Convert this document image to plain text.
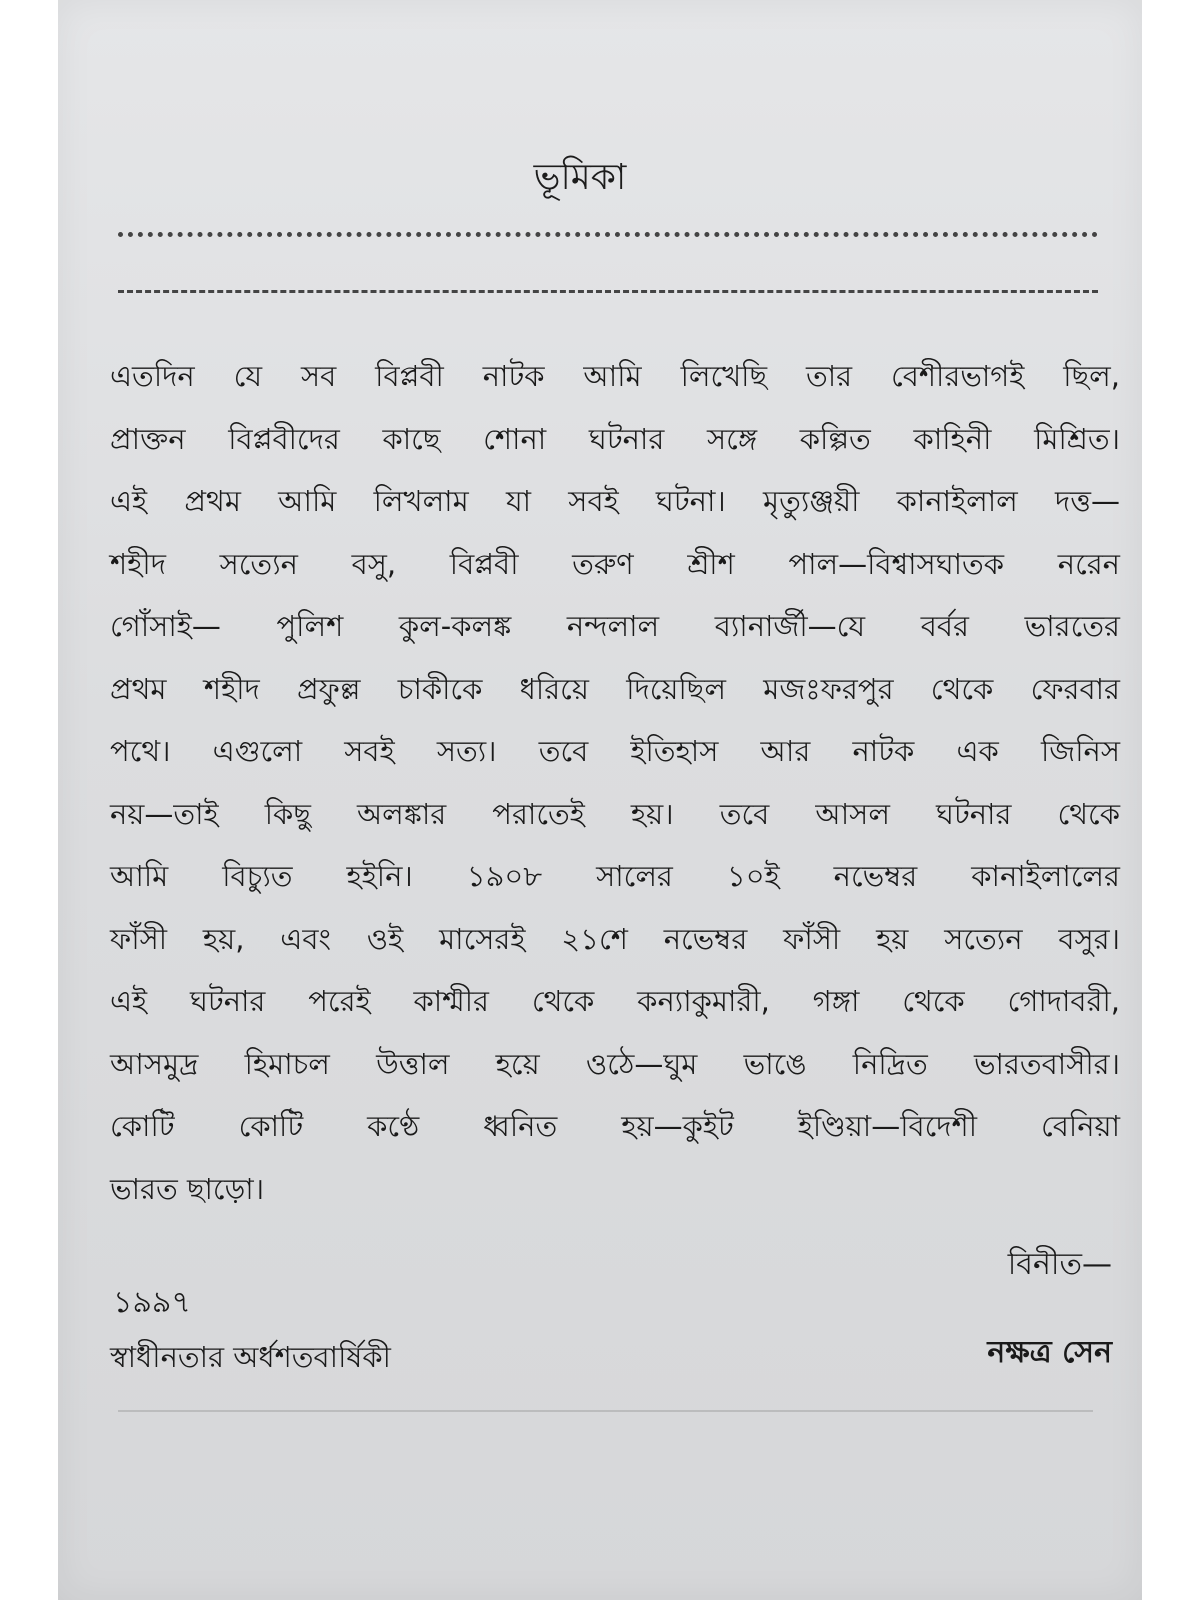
ভূমিকা
এতদিন যে সব বিপ্লবী নাটক আমি লিখেছি তার বেশীরভাগই ছিল,
প্রাক্তন বিপ্লবীদের কাছে শোনা ঘটনার সঙ্গে কল্পিত কাহিনী মিশ্রিত।
এই প্রথম আমি লিখলাম যা সবই ঘটনা। মৃত্যুঞ্জয়ী কানাইলাল দত্ত—
শহীদ সত্যেন বসু, বিপ্লবী তরুণ শ্রীশ পাল—বিশ্বাসঘাতক নরেন
গোঁসাই— পুলিশ কুল-কলঙ্ক নন্দলাল ব্যানার্জী—যে বর্বর ভারতের
প্রথম শহীদ প্রফুল্ল চাকীকে ধরিয়ে দিয়েছিল মজঃফরপুর থেকে ফেরবার
পথে। এগুলো সবই সত্য। তবে ইতিহাস আর নাটক এক জিনিস
নয়—তাই কিছু অলঙ্কার পরাতেই হয়। তবে আসল ঘটনার থেকে
আমি বিচ্যুত হইনি। ১৯০৮ সালের ১০ই নভেম্বর কানাইলালের
ফাঁসী হয়, এবং ওই মাসেরই ২১শে নভেম্বর ফাঁসী হয় সত্যেন বসুর।
এই ঘটনার পরেই কাশ্মীর থেকে কন্যাকুমারী, গঙ্গা থেকে গোদাবরী,
আসমুদ্র হিমাচল উত্তাল হয়ে ওঠে—ঘুম ভাঙে নিদ্রিত ভারতবাসীর।
কোটি কোটি কণ্ঠে ধ্বনিত হয়—কুইট ইণ্ডিয়া—বিদেশী বেনিয়া
ভারত ছাড়ো।
১৯৯৭
স্বাধীনতার অর্ধশতবার্ষিকী
বিনীত—
নক্ষত্র সেন
